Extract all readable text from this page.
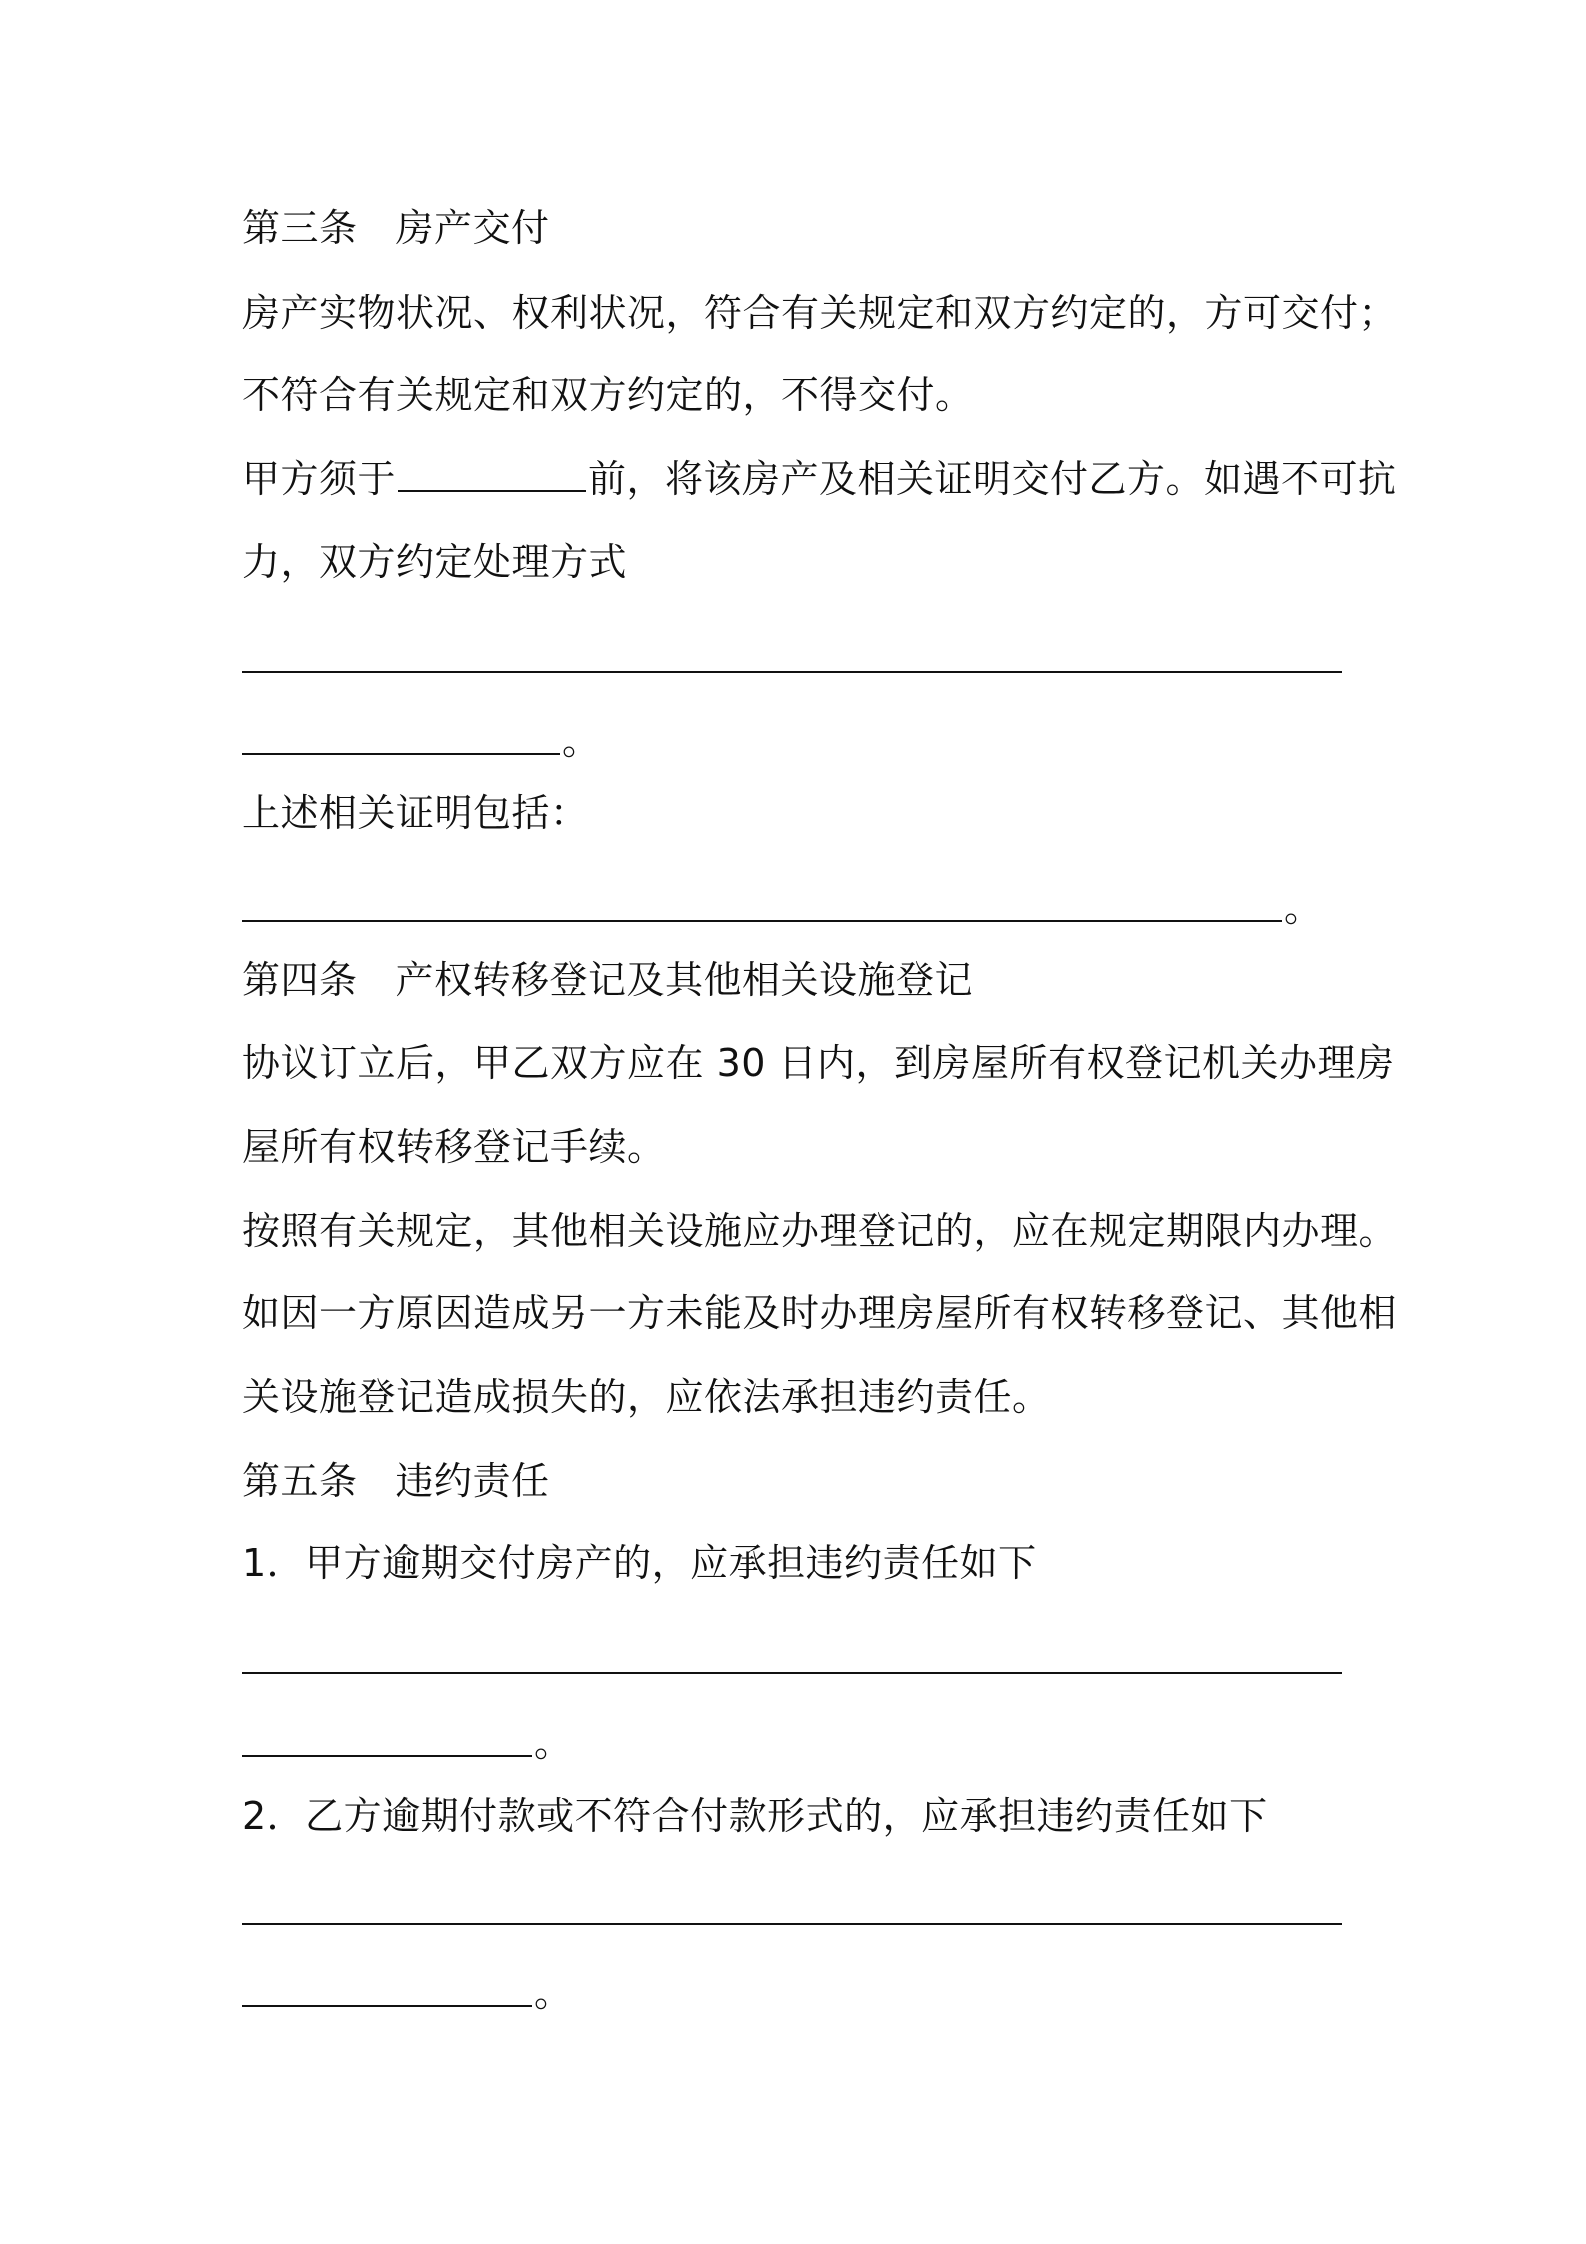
第三条 房产交付
房产实物状况、权利状况，符合有关规定和双方约定的，方可交付；
不符合有关规定和双方约定的，不得交付。
甲方须于	前，将该房产及相关证明交付乙方。如遇不可抗
力，双方约定处理方式
。
上述相关证明包括：
。
第四条 产权转移登记及其他相关设施登记
协议订立后，甲乙双方应在 30 日内，到房屋所有权登记机关办理房
屋所有权转移登记手续。
按照有关规定，其他相关设施应办理登记的，应在规定期限内办理。
如因一方原因造成另一方未能及时办理房屋所有权转移登记、其他相
关设施登记造成损失的，应依法承担违约责任。
第五条 违约责任
1．甲方逾期交付房产的，应承担违约责任如下
。
2．乙方逾期付款或不符合付款形式的，应承担违约责任如下
。
